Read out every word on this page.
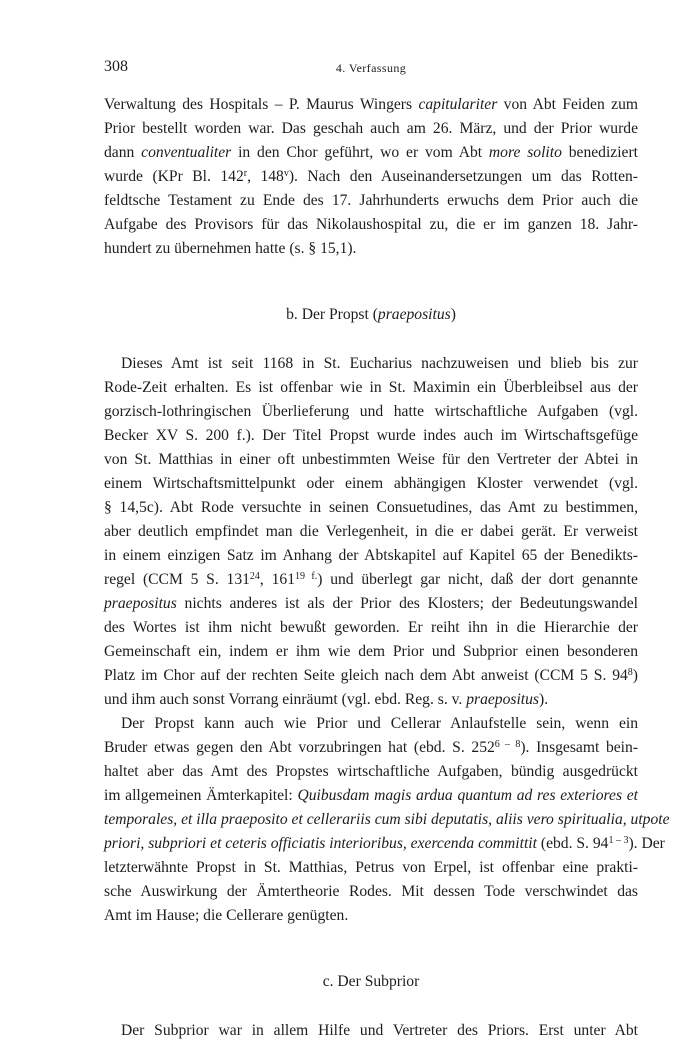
308	4. Verfassung
Verwaltung des Hospitals – P. Maurus Wingers capitulariter von Abt Feiden zum
Prior bestellt worden war. Das geschah auch am 26. März, und der Prior wurde
dann conventualiter in den Chor geführt, wo er vom Abt more solito benediziert
wurde (KPr Bl. 142$^r$, 148$^v$). Nach den Auseinandersetzungen um das Rotten-
feldtsche Testament zu Ende des 17. Jahrhunderts erwuchs dem Prior auch die
Aufgabe des Provisors für das Nikolaushospital zu, die er im ganzen 18. Jahr-
hundert zu übernehmen hatte (s. § 15,1).
b. Der Propst (praepositus)
Dieses Amt ist seit 1168 in St. Eucharius nachzuweisen und blieb bis zur
Rode-Zeit erhalten. Es ist offenbar wie in St. Maximin ein Überbleibsel aus der
gorzisch-lothringischen Überlieferung und hatte wirtschaftliche Aufgaben (vgl.
Becker XV S. 200 f.). Der Titel Propst wurde indes auch im Wirtschaftsgefüge
von St. Matthias in einer oft unbestimmten Weise für den Vertreter der Abtei in
einem Wirtschaftsmittelpunkt oder einem abhängigen Kloster verwendet (vgl.
§ 14,5c). Abt Rode versuchte in seinen Consuetudines, das Amt zu bestimmen,
aber deutlich empfindet man die Verlegenheit, in die er dabei gerät. Er verweist
in einem einzigen Satz im Anhang der Abtskapitel auf Kapitel 65 der Benedikts-
regel (CCM 5 S. $131^{24}$, $161^{19 f.}$) und überlegt gar nicht, daß der dort genannte
praepositus nichts anderes ist als der Prior des Klosters; der Bedeutungswandel
des Wortes ist ihm nicht bewußt geworden. Er reiht ihn in die Hierarchie der
Gemeinschaft ein, indem er ihm wie dem Prior und Subprior einen besonderen
Platz im Chor auf der rechten Seite gleich nach dem Abt anweist (CCM 5 S. $94^8$)
und ihm auch sonst Vorrang einräumt (vgl. ebd. Reg. s. v. praepositus).
Der Propst kann auch wie Prior und Cellerar Anlaufstelle sein, wenn ein
Bruder etwas gegen den Abt vorzubringen hat (ebd. S. 252$^{6 - 8}$). Insgesamt bein-
haltet aber das Amt des Propstes wirtschaftliche Aufgaben, bündig ausgedrückt
im allgemeinen Ämterkapitel: Quibusdam magis ardua quantum ad res exteriores et
temporales, et illa praeposito et cellerariis cum sibi deputatis, aliis vero spiritualia, utpote
priori, subpriori et ceteris officiatis interioribus, exercenda committit (ebd. S. 94$^{1 - 3}$). Der
letzterwähnte Propst in St. Matthias, Petrus von Erpel, ist offenbar eine prakti-
sche Auswirkung der Ämtertheorie Rodes. Mit dessen Tode verschwindet das
Amt im Hause; die Cellerare genügten.
c. Der Subprior
Der Subprior war in allem Hilfe und Vertreter des Priors. Erst unter Abt
